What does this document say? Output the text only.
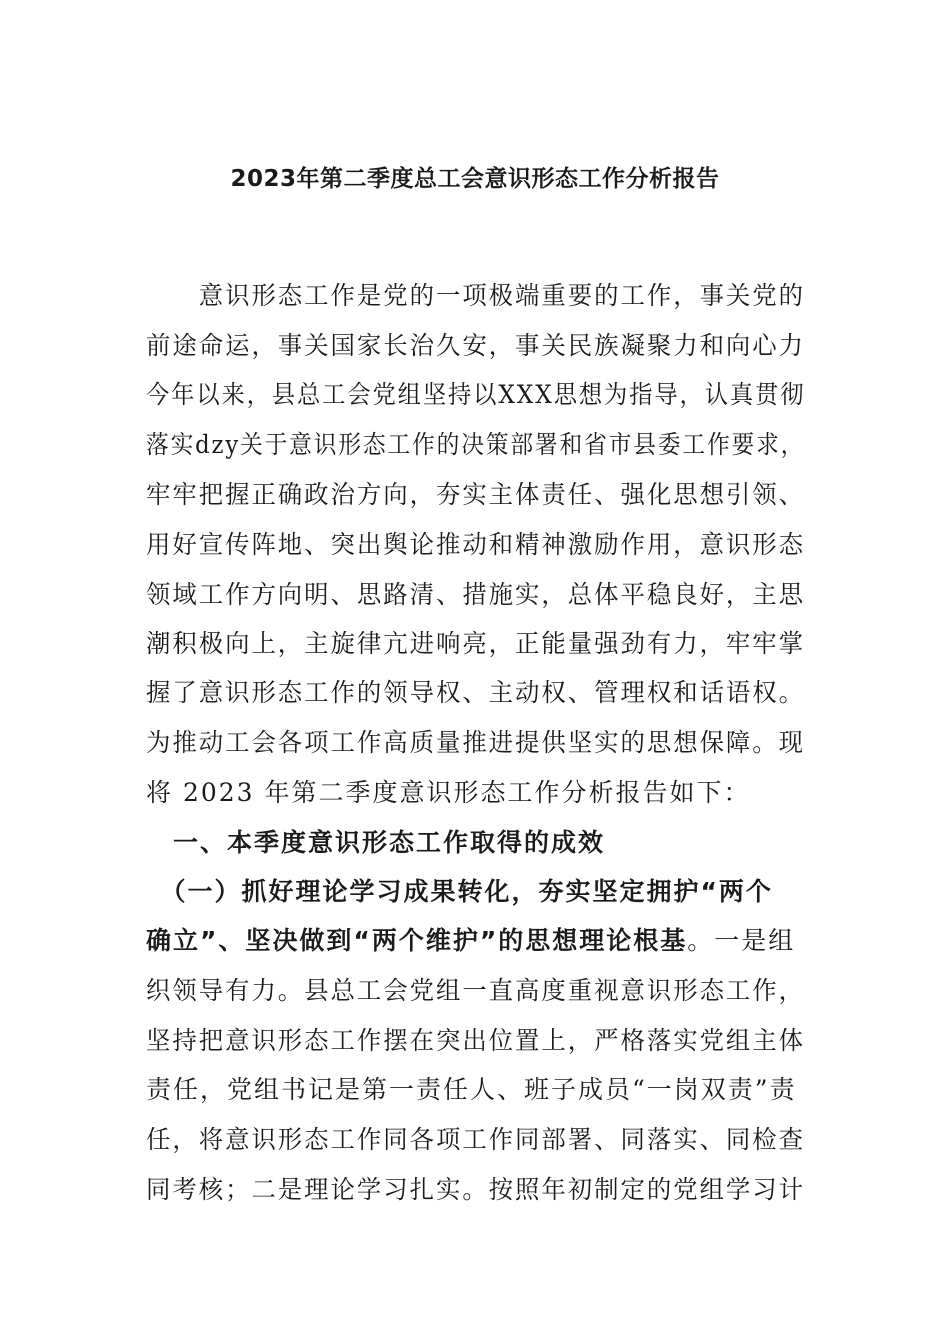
2023年第二季度总工会意识形态工作分析报告
　　意识形态工作是党的一项极端重要的工作，事关党的
前途命运，事关国家长治久安，事关民族凝聚力和向心力
今年以来，县总工会党组坚持以XXX思想为指导，认真贯彻
落实dzy关于意识形态工作的决策部署和省市县委工作要求，
牢牢把握正确政治方向，夯实主体责任、强化思想引领、
用好宣传阵地、突出舆论推动和精神激励作用，意识形态
领域工作方向明、思路清、措施实，总体平稳良好，主思
潮积极向上，主旋律亢进响亮，正能量强劲有力，牢牢掌
握了意识形态工作的领导权、主动权、管理权和话语权。
为推动工会各项工作高质量推进提供坚实的思想保障。现
将 2023 年第二季度意识形态工作分析报告如下：
　一、本季度意识形态工作取得的成效
　（一）抓好理论学习成果转化，夯实坚定拥护“两个
确立”、坚决做到“两个维护”的思想理论根基。一是组
织领导有力。县总工会党组一直高度重视意识形态工作，
坚持把意识形态工作摆在突出位置上，严格落实党组主体
责任，党组书记是第一责任人、班子成员“一岗双责”责
任，将意识形态工作同各项工作同部署、同落实、同检查
同考核；二是理论学习扎实。按照年初制定的党组学习计
